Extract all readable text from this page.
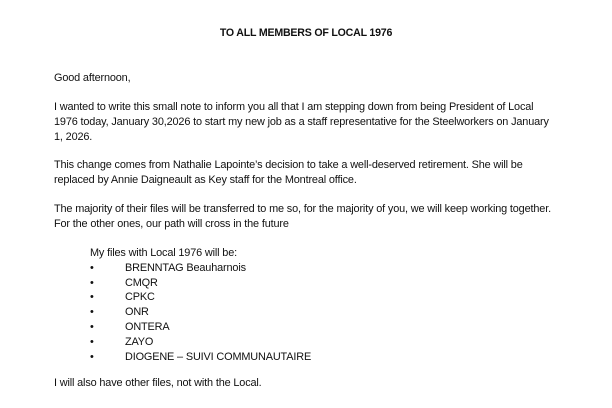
TO ALL MEMBERS OF LOCAL 1976
Good afternoon,
I wanted to write this small note to inform you all that I am stepping down from being President of Local 1976 today, January 30,2026 to start my new job as a staff representative for the Steelworkers on January 1, 2026.
This change comes from Nathalie Lapointe’s decision to take a well-deserved retirement. She will be replaced by Annie Daigneault as Key staff for the Montreal office.
The majority of their files will be transferred to me so, for the majority of you, we will keep working together. For the other ones, our path will cross in the future
My files with Local 1976 will be:
•	BRENNTAG Beauharnois
•	CMQR
•	CPKC
•	ONR
•	ONTERA
•	ZAYO
•	DIOGENE – SUIVI COMMUNAUTAIRE
I will also have other files, not with the Local.
